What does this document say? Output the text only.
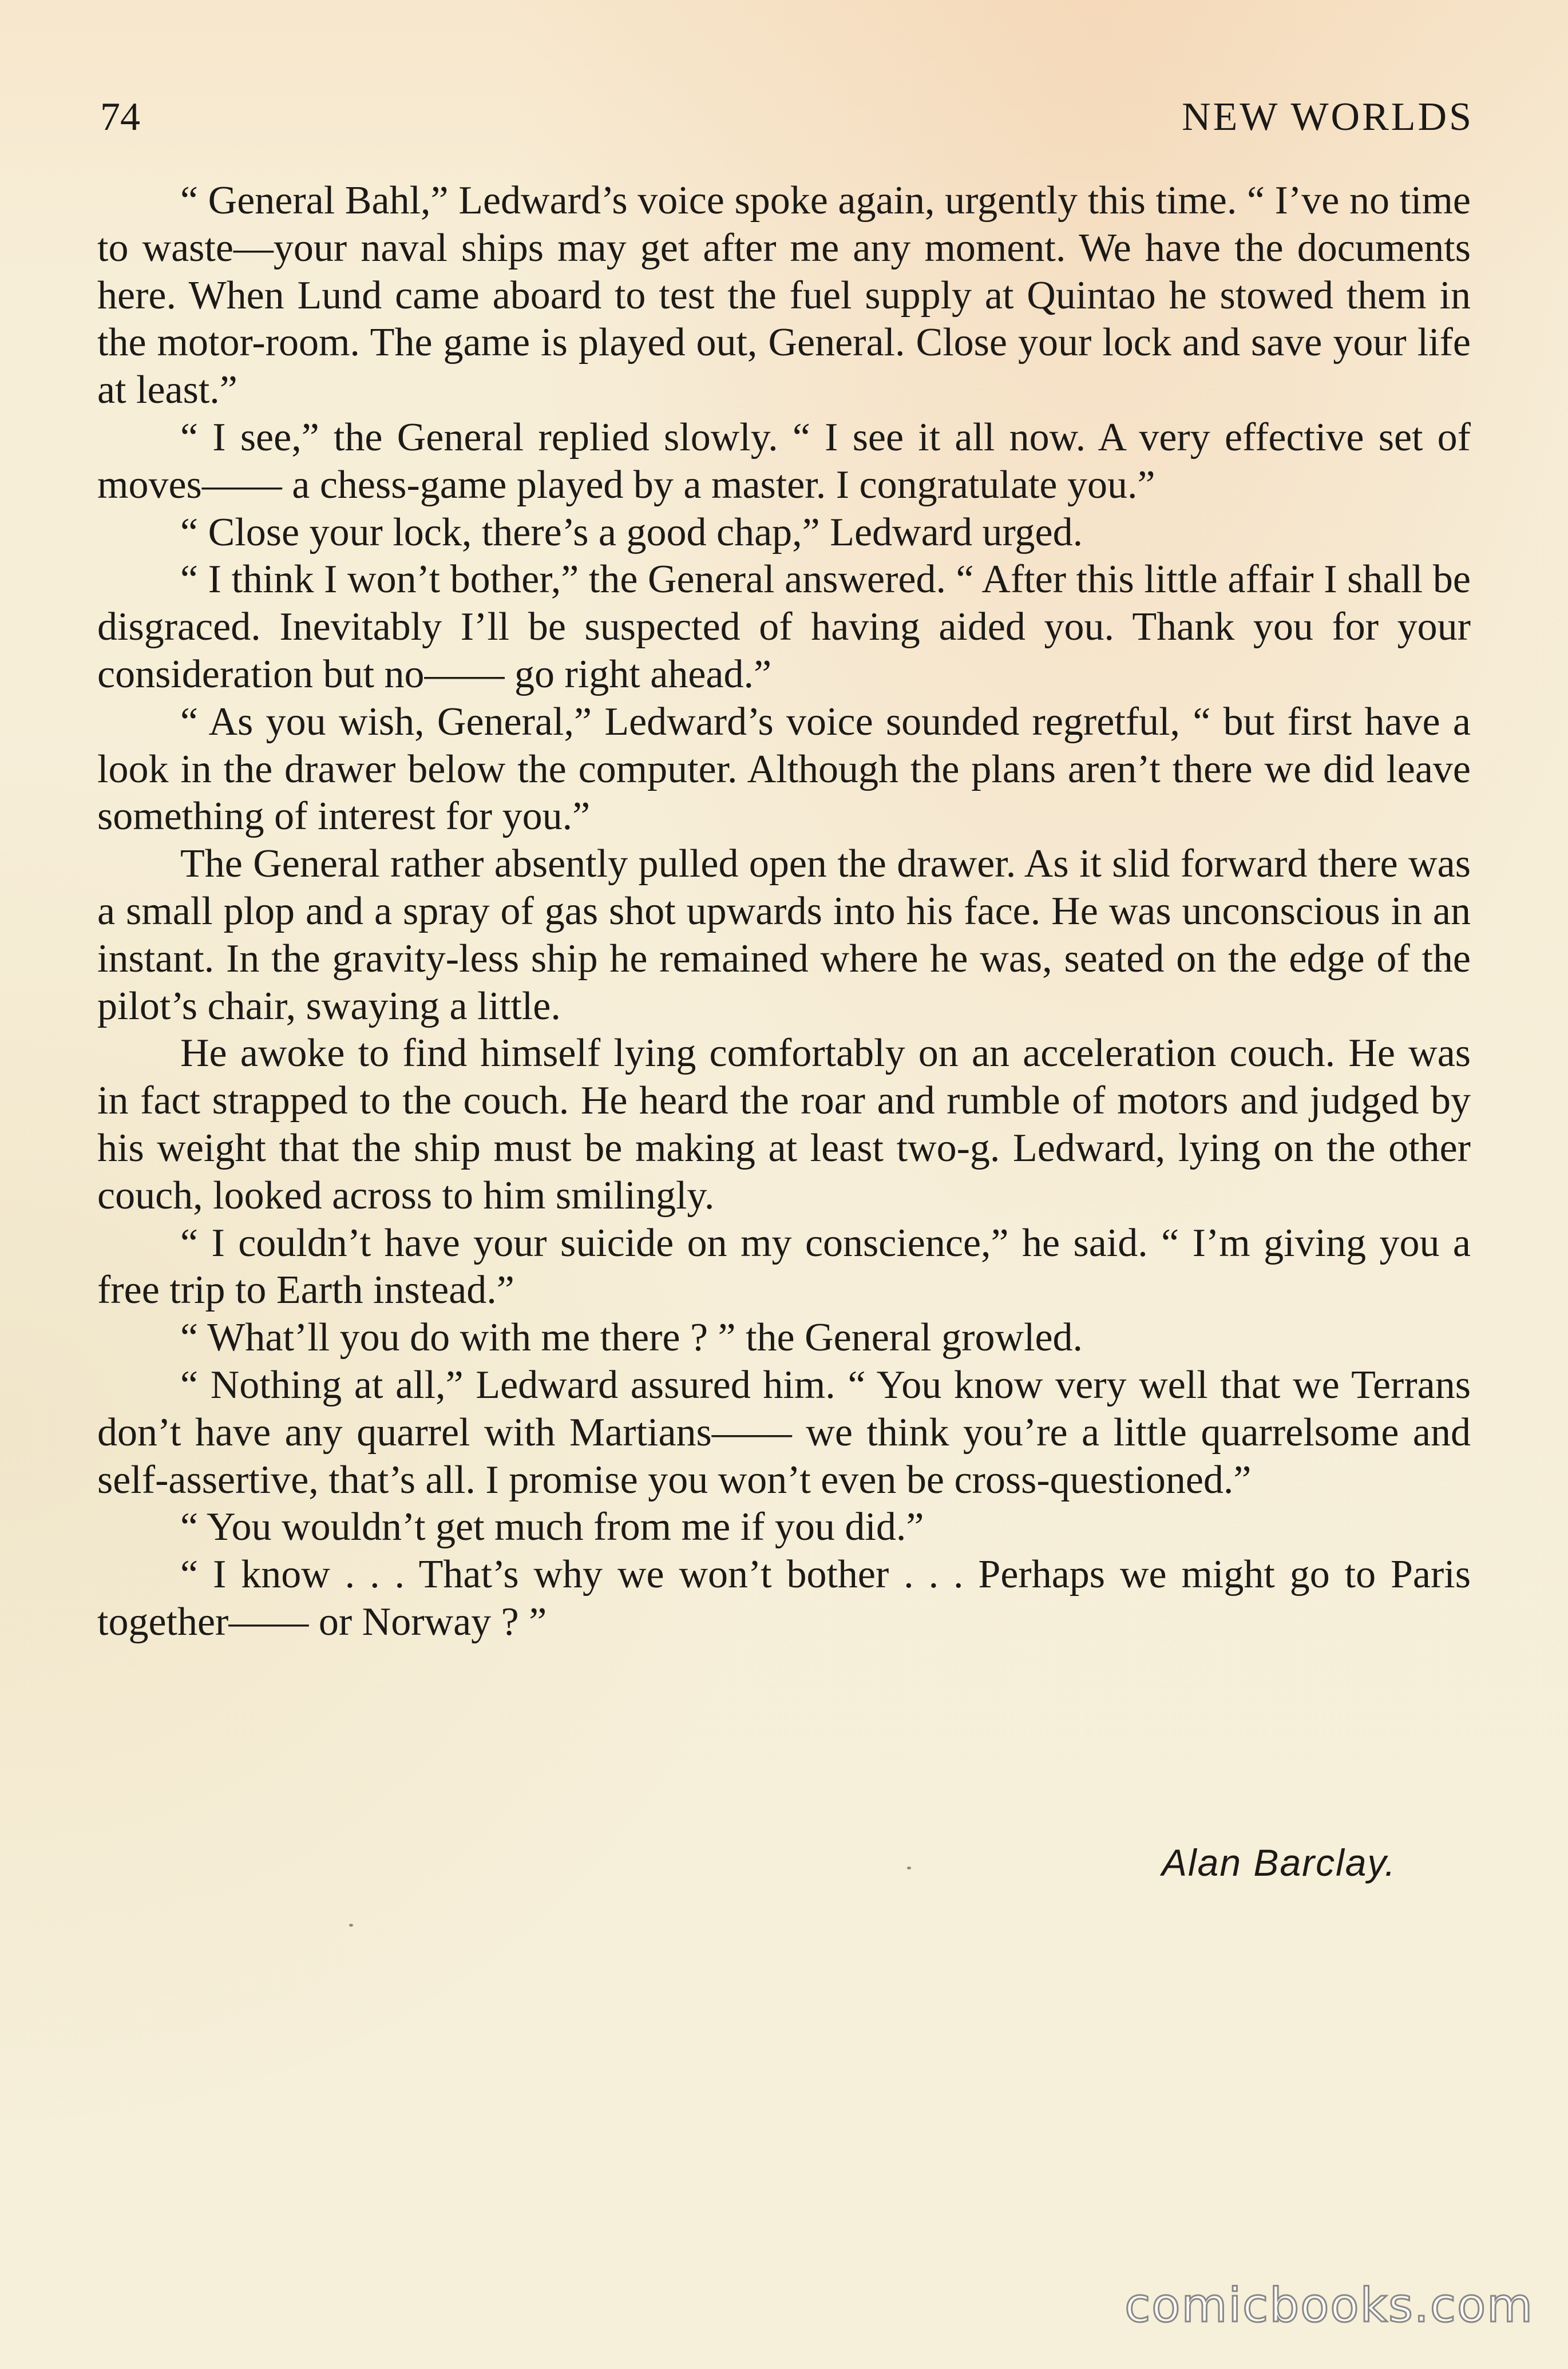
74	NEW WORLDS

“ General Bahl,” Ledward’s voice spoke again, urgently this time. “ I’ve no time to waste—your naval ships may get after me any moment. We have the documents here. When Lund came aboard to test the fuel supply at Quintao he stowed them in the motor-room. The game is played out, General. Close your lock and save your life at least.”

“ I see,” the General replied slowly. “ I see it all now. A very effective set of moves—— a chess-game played by a master. I congratulate you.”

“ Close your lock, there’s a good chap,” Ledward urged.

“ I think I won’t bother,” the General answered. “ After this little affair I shall be disgraced. Inevitably I’ll be suspected of having aided you. Thank you for your consideration but no—— go right ahead.”

“ As you wish, General,” Ledward’s voice sounded regretful, “ but first have a look in the drawer below the computer. Although the plans aren’t there we did leave something of interest for you.”

The General rather absently pulled open the drawer. As it slid forward there was a small plop and a spray of gas shot upwards into his face. He was unconscious in an instant. In the gravity-less ship he remained where he was, seated on the edge of the pilot’s chair, swaying a little.

He awoke to find himself lying comfortably on an acceleration couch. He was in fact strapped to the couch. He heard the roar and rumble of motors and judged by his weight that the ship must be making at least two-g. Ledward, lying on the other couch, looked across to him smilingly.

“ I couldn’t have your suicide on my conscience,” he said. “ I’m giving you a free trip to Earth instead.”

“ What’ll you do with me there ? ” the General growled.

“ Nothing at all,” Ledward assured him. “ You know very well that we Terrans don’t have any quarrel with Martians—— we think you’re a little quarrelsome and self-assertive, that’s all. I promise you won’t even be cross-questioned.”

“ You wouldn’t get much from me if you did.”

“ I know . . . That’s why we won’t bother . . . Perhaps we might go to Paris together—— or Norway ? ”

Alan Barclay.
comicbooks.com
